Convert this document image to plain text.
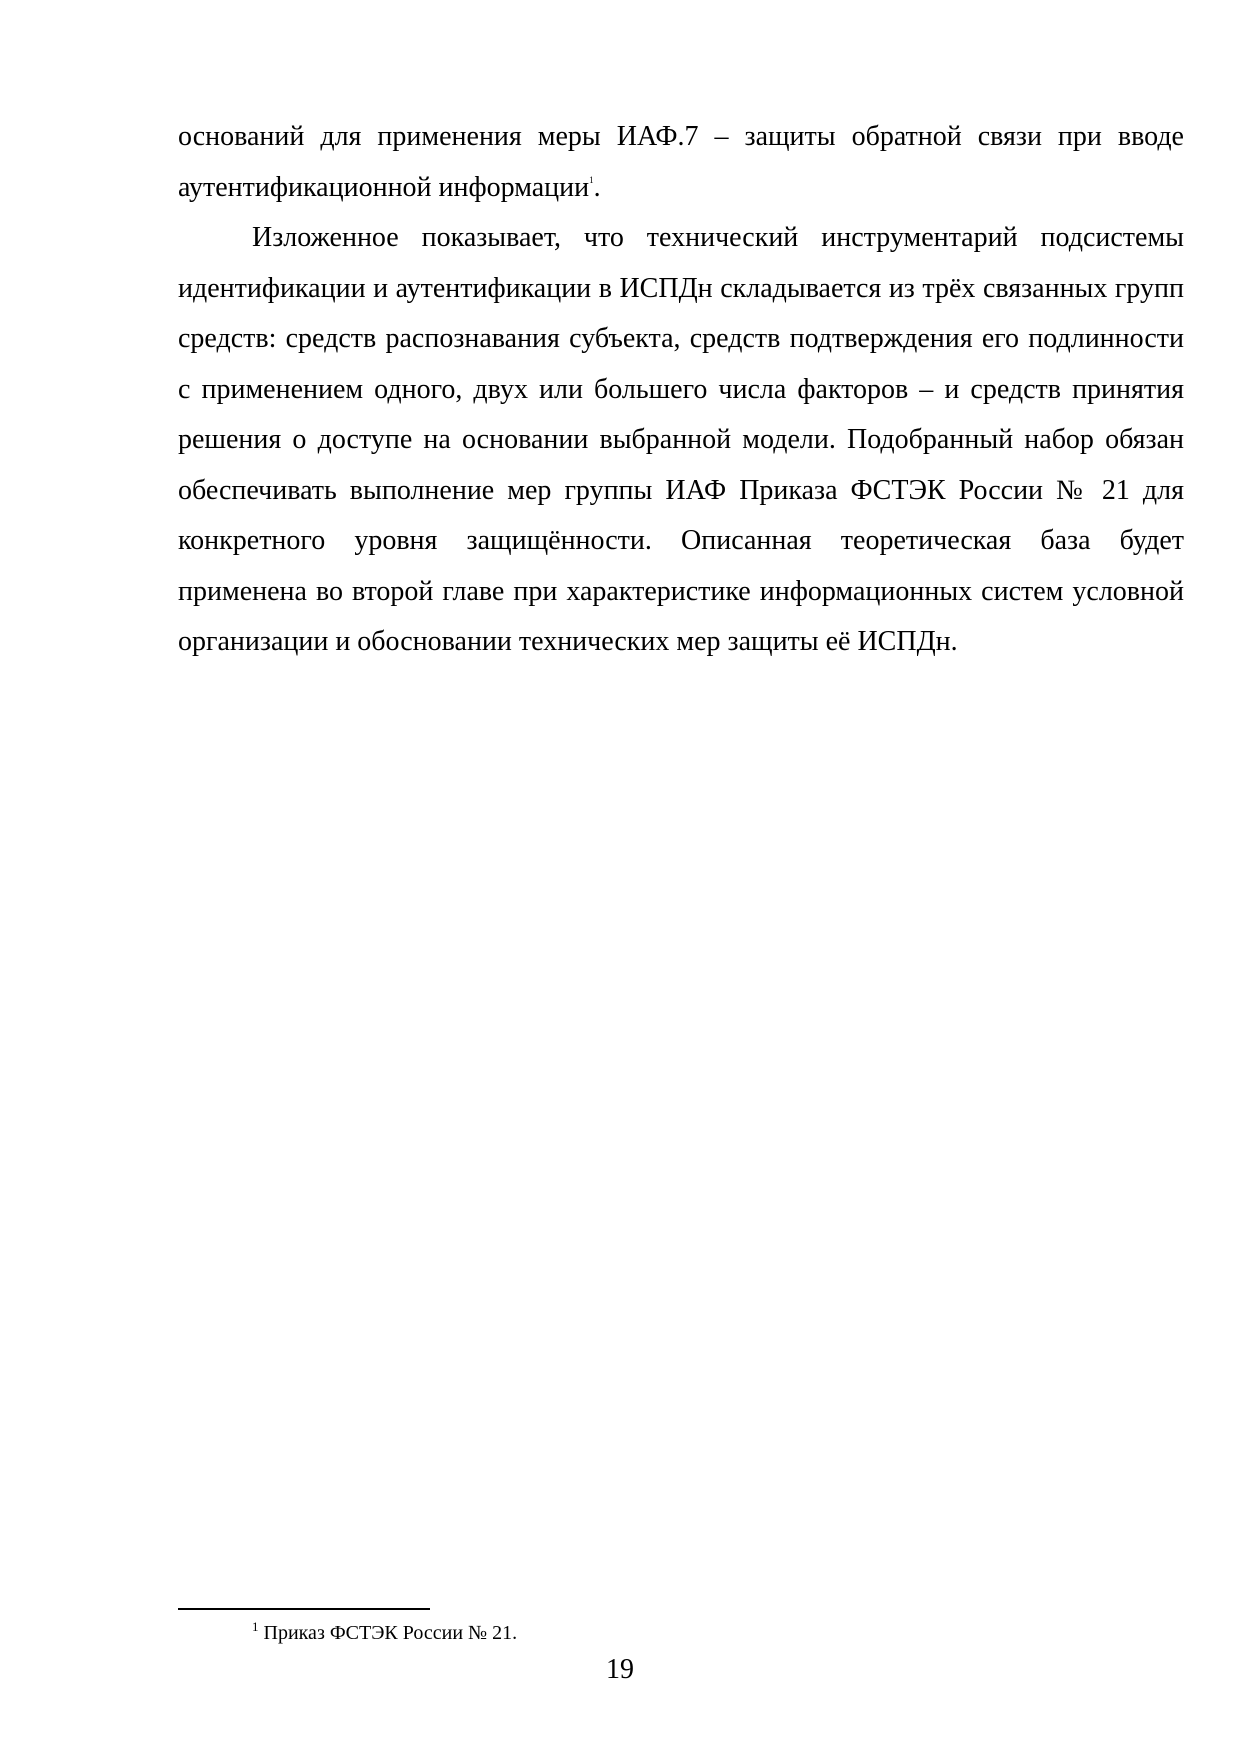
оснований для применения меры ИАФ.7 – защиты обратной связи при вводе аутентификационной информации$^1$.

Изложенное показывает, что технический инструментарий подсистемы идентификации и аутентификации в ИСПДн складывается из трёх связанных групп средств: средств распознавания субъекта, средств подтверждения его подлинности с применением одного, двух или большего числа факторов – и средств принятия решения о доступе на основании выбранной модели. Подобранный набор обязан обеспечивать выполнение мер группы ИАФ Приказа ФСТЭК России № 21 для конкретного уровня защищённости. Описанная теоретическая база будет применена во второй главе при характеристике информационных систем условной организации и обосновании технических мер защиты её ИСПДн.

$^1$ Приказ ФСТЭК России № 21.
19
